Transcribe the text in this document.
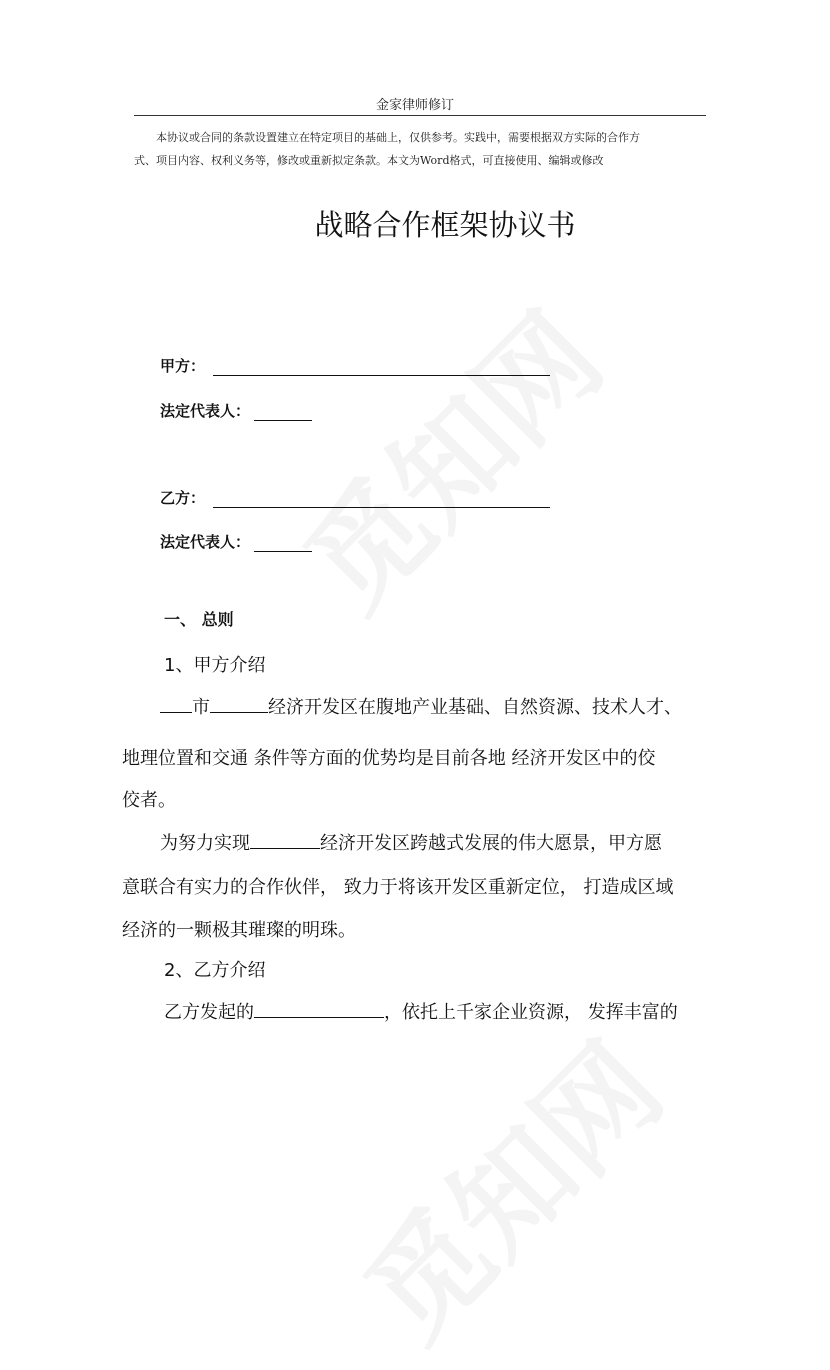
金家律师修订
本协议或合同的条款设置建立在特定项目的基础上，仅供参考。实践中，需要根据双方实际的合作方
式、项目内容、权利义务等，修改或重新拟定条款。本文为Word格式，可直接使用、编辑或修改
战略合作框架协议书
甲方：
法定代表人：
乙方：
法定代表人：
一、 总则
1、甲方介绍
市	经济开发区在腹地产业基础、自然资源、技术人才、
地理位置和交通 条件等方面的优势均是目前各地 经济开发区中的佼
佼者。
为努力实现	经济开发区跨越式发展的伟大愿景，甲方愿
意联合有实力的合作伙伴， 致力于将该开发区重新定位， 打造成区域
经济的一颗极其璀璨的明珠。
2、乙方介绍
乙方发起的	，依托上千家企业资源， 发挥丰富的
